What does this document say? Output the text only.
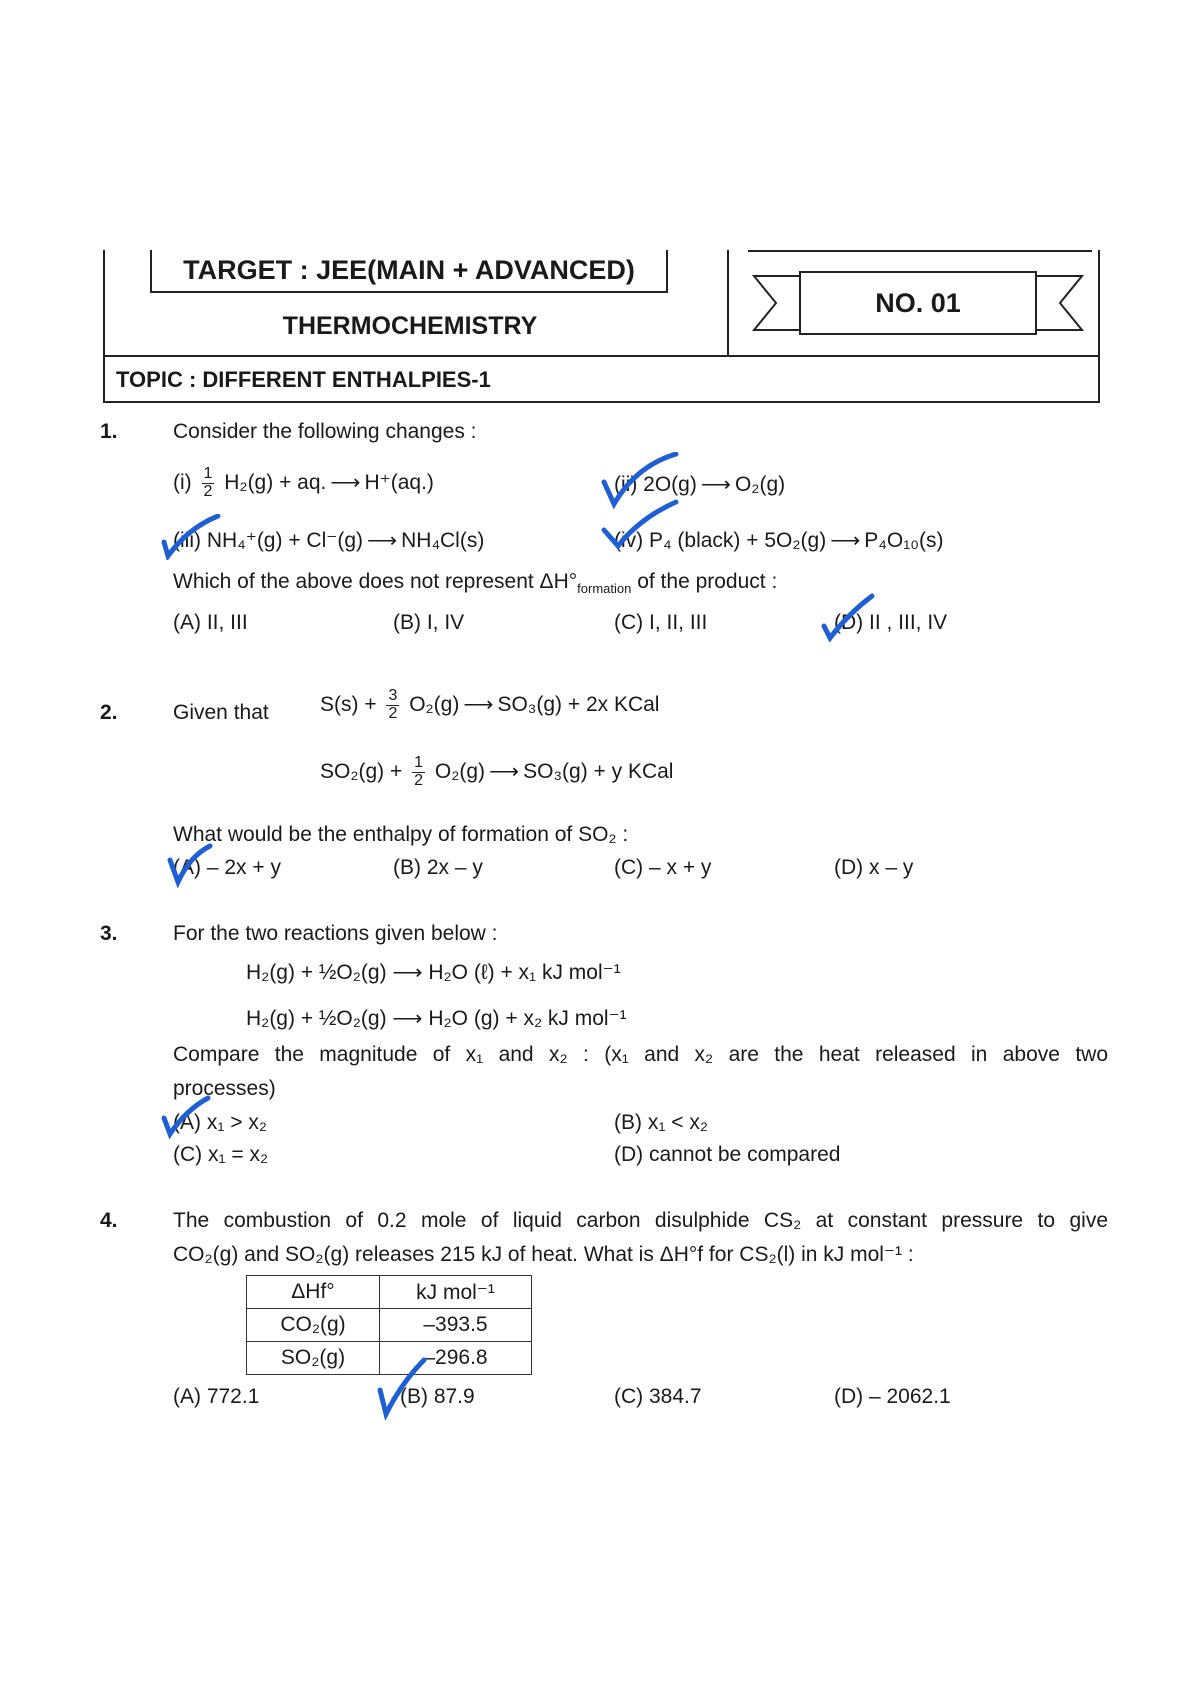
TARGET : JEE(MAIN + ADVANCED)
THERMOCHEMISTRY
NO. 01
TOPIC : DIFFERENT ENTHALPIES-1
1.	Consider the following changes :
$(i) \frac{1}{2} H_2(g)$ + aq. ⟶ H⁺(aq.)	(ii) 2O(g) ⟶ O₂(g)
(iii) NH₄⁺(g) + Cl⁻(g) ⟶ NH₄Cl(s)	(iv) P₄ (black) + 5O₂(g) ⟶ P₄O₁₀(s)
Which of the above does not represent $\Delta H^\circ_{formation}$ of the product :
(A) II, III	(B) I, IV	(C) I, II, III	(D) II , III, IV
2.	Given that $S(s) + \frac{3}{2} O_2(g)$ ⟶ SO₃(g) + 2x KCal
$SO_2(g) + \frac{1}{2} O_2(g)$ ⟶ SO₃(g) + y KCal
What would be the enthalpy of formation of SO₂ :
(A) – 2x + y	(B) 2x – y	(C) – x + y	(D) x – y
3.	For the two reactions given below :
H₂(g) + ½O₂(g) ⟶ H₂O (ℓ) + x₁ kJ mol⁻¹
H₂(g) + ½O₂(g) ⟶ H₂O (g) + x₂ kJ mol⁻¹
Compare the magnitude of x₁ and x₂ : (x₁ and x₂ are the heat released in above two
processes)
(A) x₁ > x₂	(B) x₁ < x₂
(C) x₁ = x₂	(D) cannot be compared
4.	The combustion of 0.2 mole of liquid carbon disulphide CS₂ at constant pressure to give
CO₂(g) and SO₂(g) releases 215 kJ of heat. What is ΔH°f for CS₂(l) in kJ mol⁻¹ :
ΔHf°	kJ mol⁻¹
CO₂(g)	–393.5
SO₂(g)	–296.8
(A) 772.1	(B) 87.9	(C) 384.7	(D) – 2062.1
